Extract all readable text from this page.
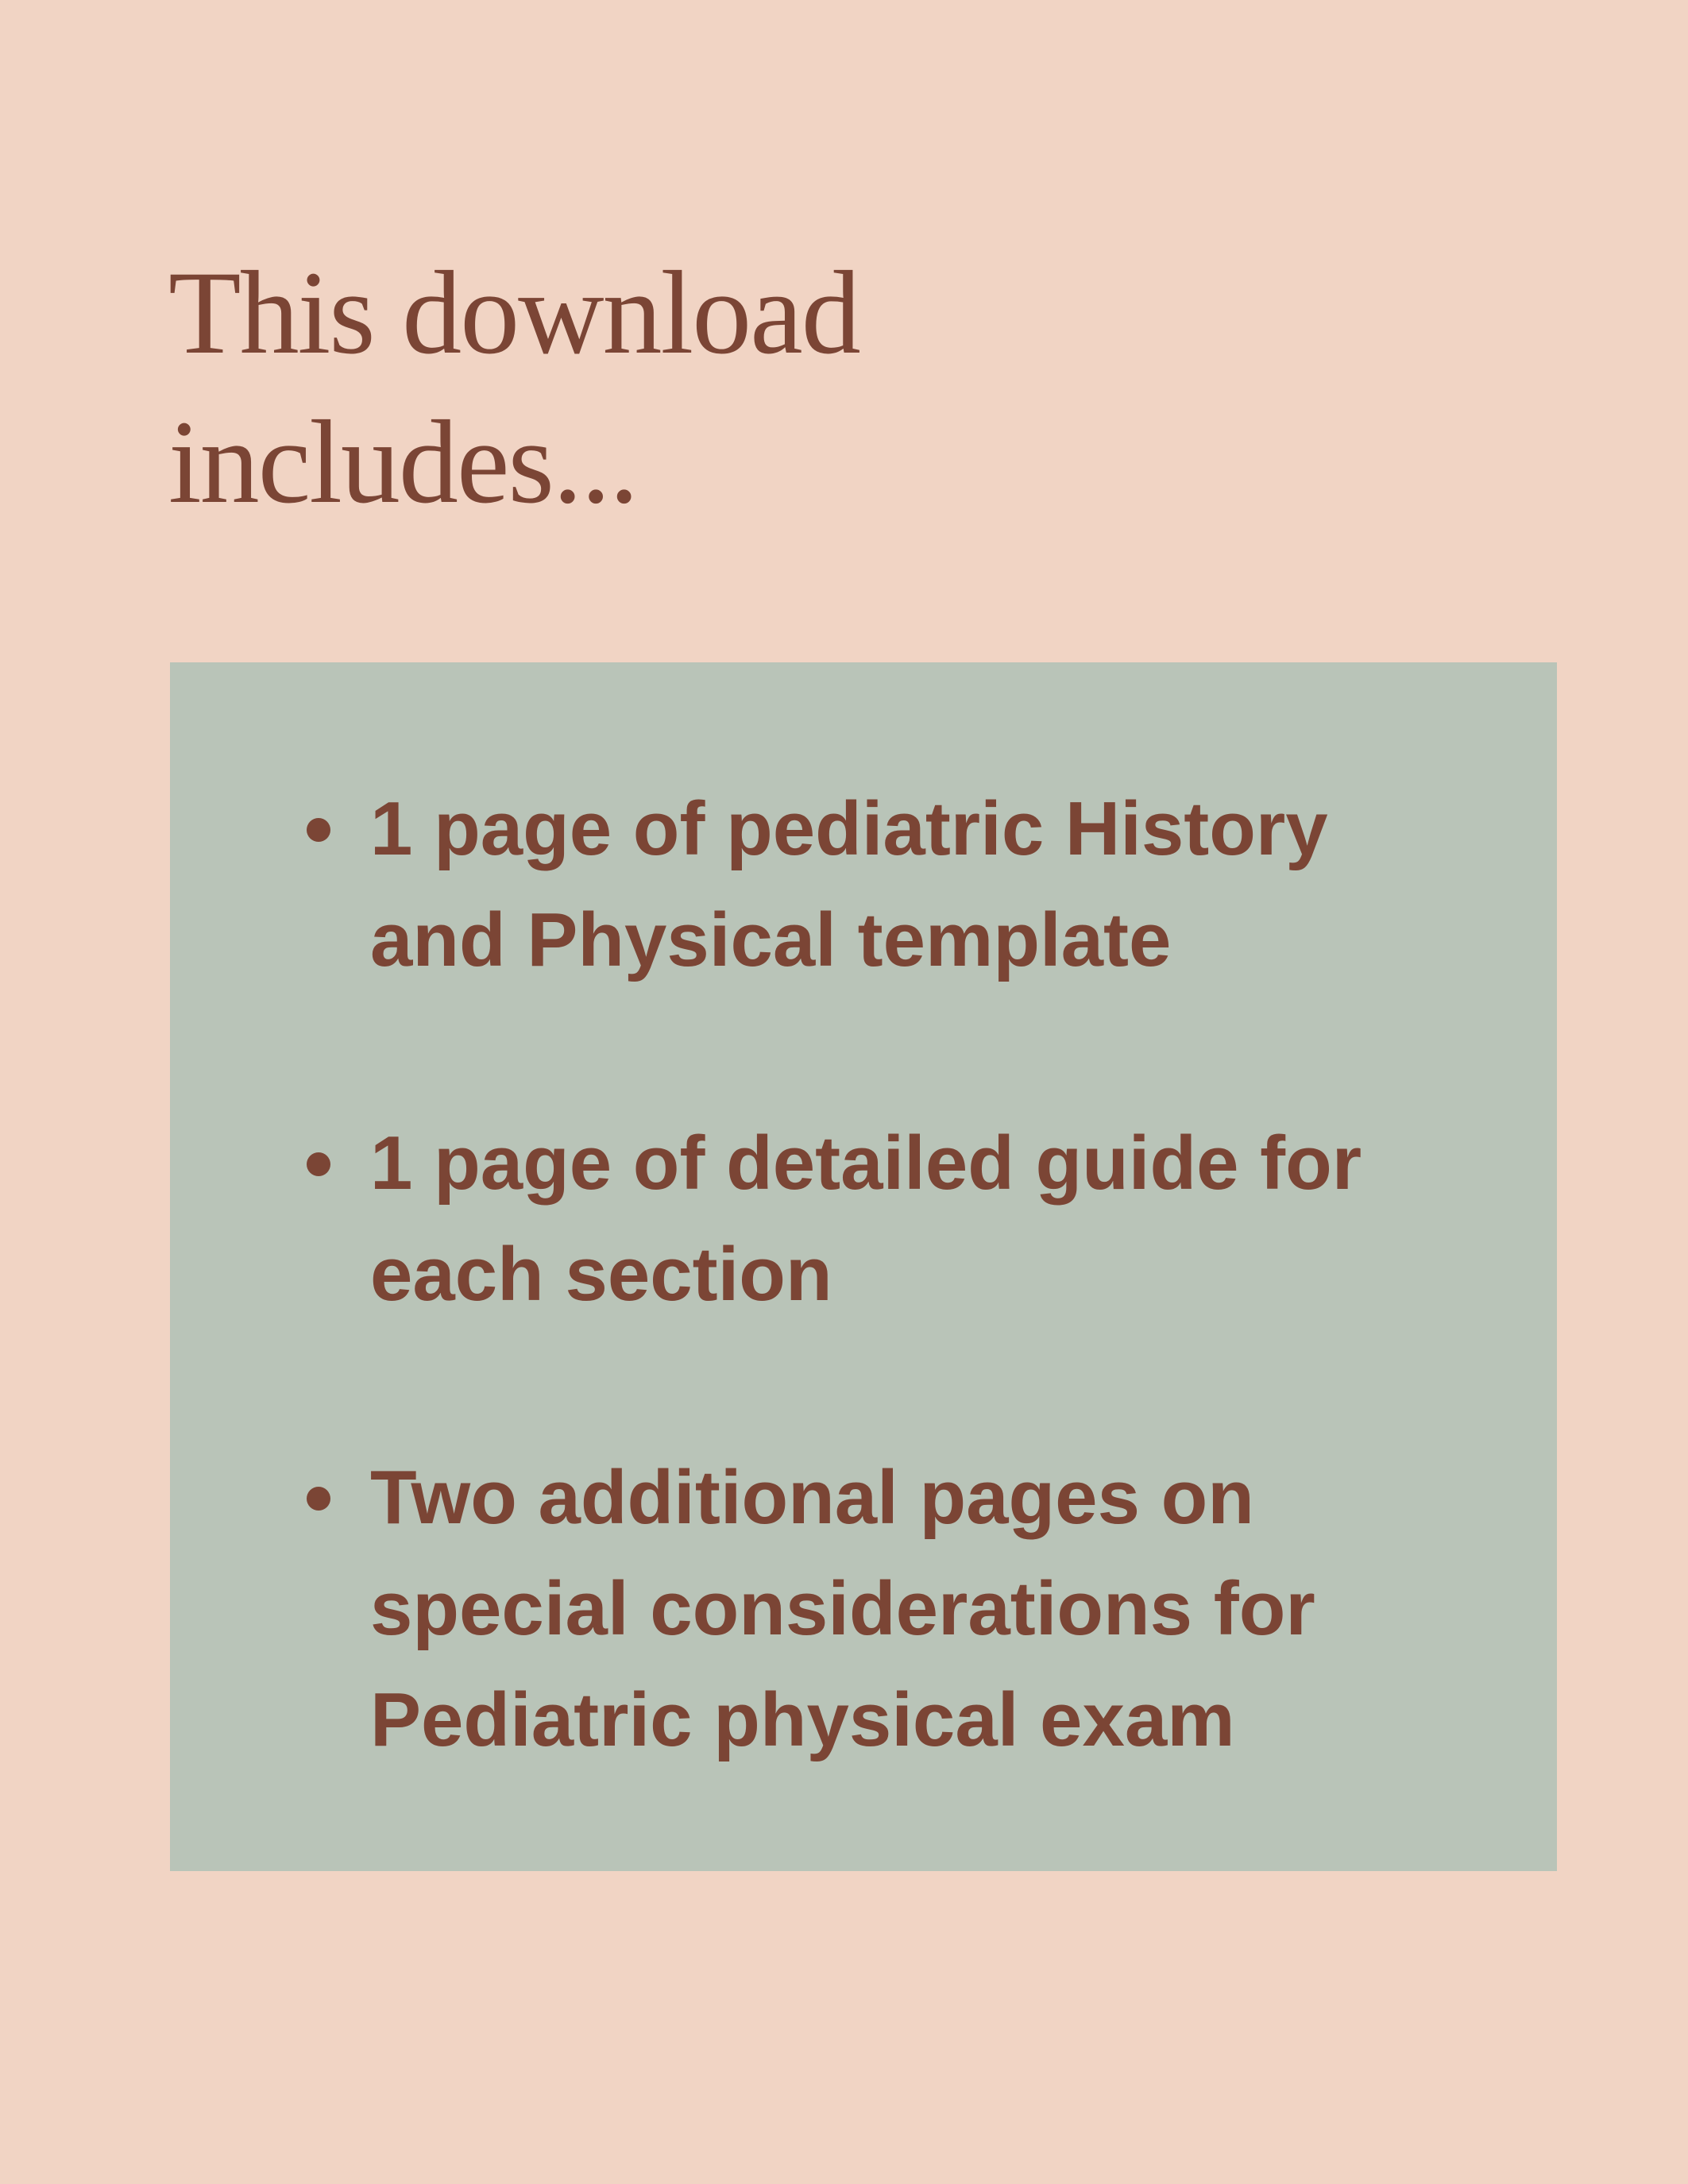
This download
includes...
1 page of pediatric History
and Physical template
1 page of detailed guide for
each section
Two additional pages on
special considerations for
Pediatric physical exam
